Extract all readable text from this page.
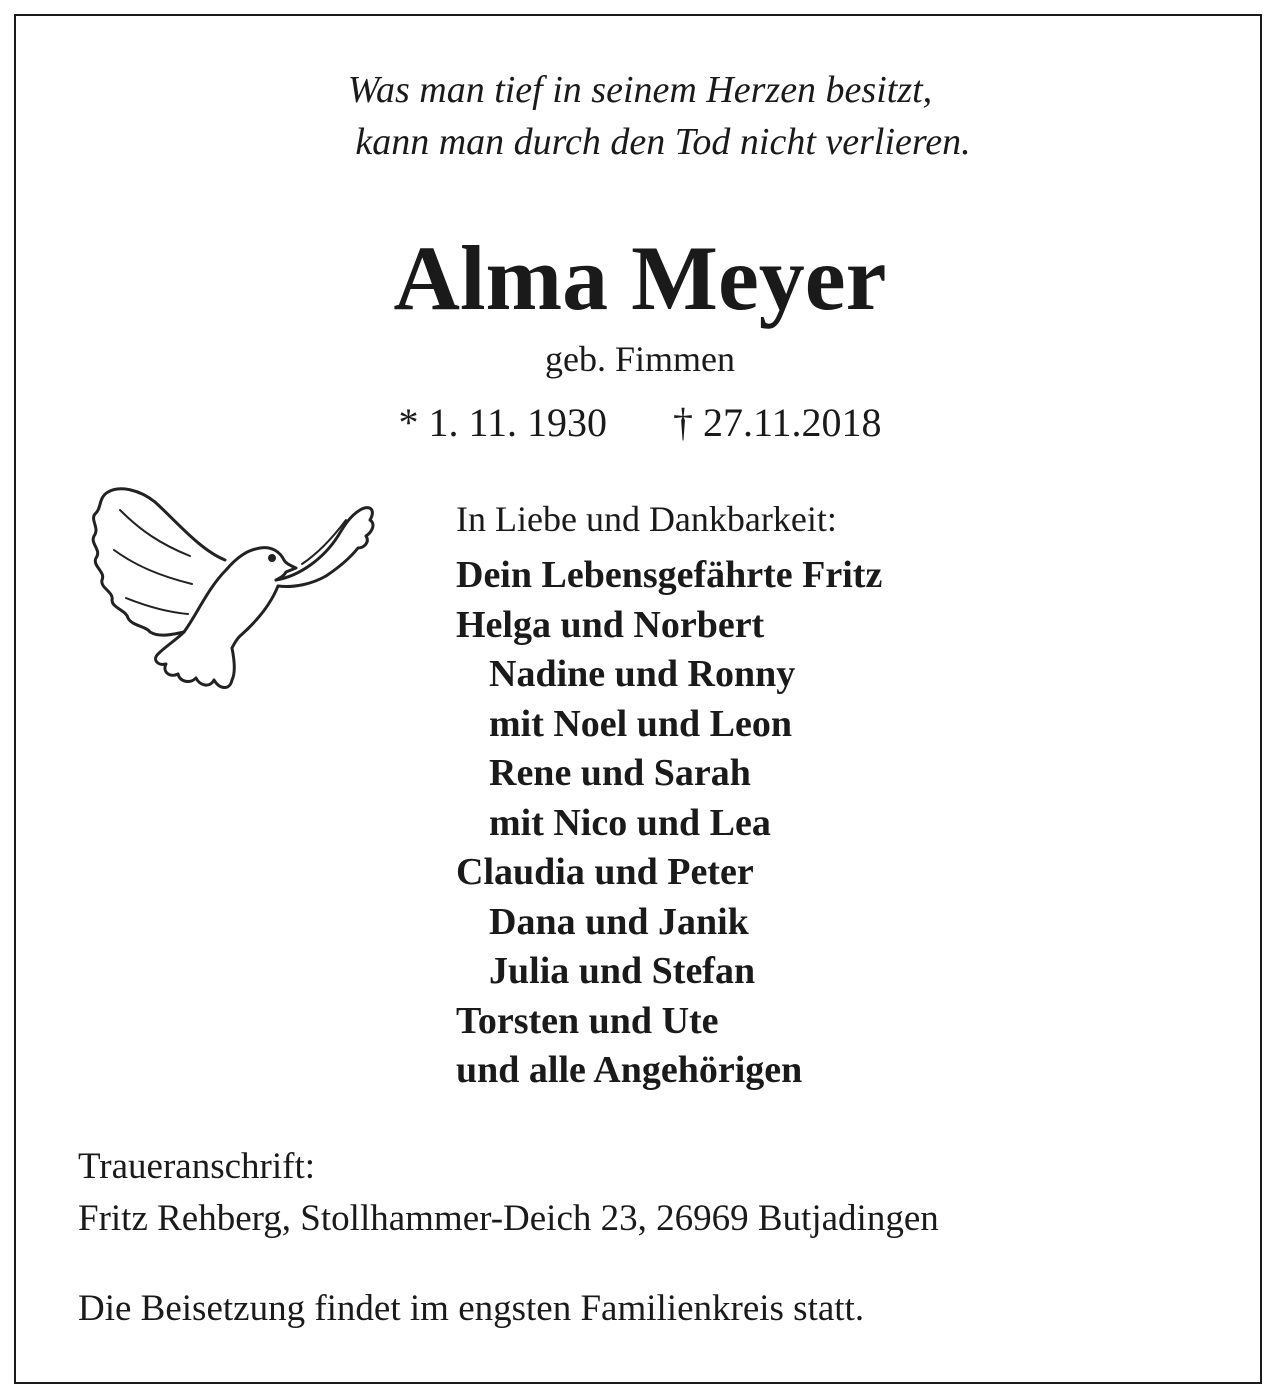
Was man tief in seinem Herzen besitzt,
kann man durch den Tod nicht verlieren.
Alma Meyer
geb. Fimmen
* 1. 11. 1930 † 27.11.2018
In Liebe und Dankbarkeit:
Dein Lebensgefährte Fritz
Helga und Norbert
Nadine und Ronny
mit Noel und Leon
Rene und Sarah
mit Nico und Lea
Claudia und Peter
Dana und Janik
Julia und Stefan
Torsten und Ute
und alle Angehörigen
Traueranschrift:
Fritz Rehberg, Stollhammer-Deich 23, 26969 Butjadingen
Die Beisetzung findet im engsten Familienkreis statt.
